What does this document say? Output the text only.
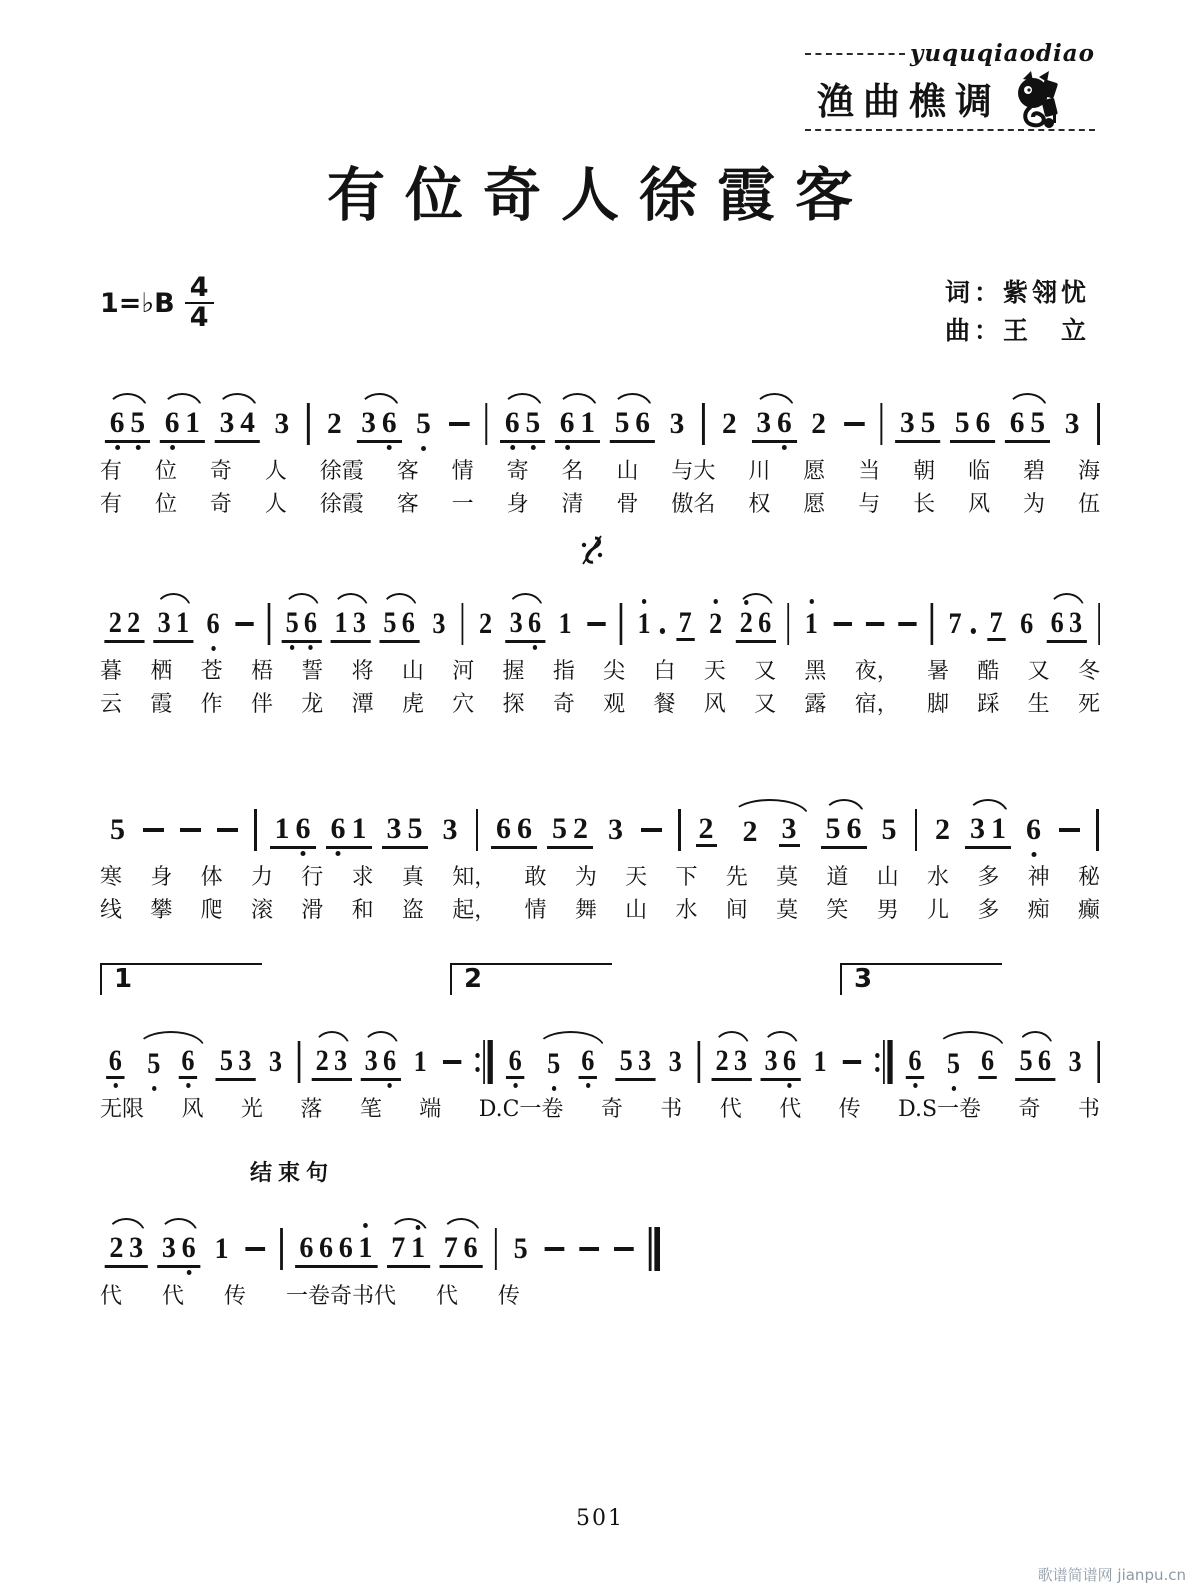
yuquqiaodiao
渔曲樵调
有位奇人徐霞客
1=♭B $\frac{4}{4}$	词：紫翎忧
曲：王　立
6 5 6 1 3 4 3 2 3 6 5 6 5 6 1 5 6 3 2 3 6 2 3 5 5 6 6 5 3
有 位 奇 人 徐霞 客 情 寄 名 山 与大 川 愿 当 朝 临 碧 海
有 位 奇 人 徐霞 客 一 身 清 骨 傲名 权 愿 与 长 风 为 伍
2 2 3 1 6 5 6 1 3 5 6 3 2 3 6 1 1 7 2 2 6 1	7 7 6 6 3
暮 栖 苍 梧 誓 将 山 河 握 指 尖 白 天 又 黑 夜， 暑 酷 又 冬
云 霞 作 伴 龙 潭 虎 穴 探 奇 观 餐 风 又 露 宿， 脚 踩 生 死
5	1 6 6 1 3 5 3 6 6 5 2 3	2 2 3 5 6 5 2 3 1 6
寒 身 体 力 行 求 真 知， 敢 为 天 下 先 莫 道 山 水 多 神 秘
线 攀 爬 滚 滑 和 盗 起， 情 舞 山 水 间 莫 笑 男 儿 多 痴 癫
6 5 6 5 3 3 2 3 3 6 1	6 5 6 5 3 3 2 3 3 6 1	6 5 6 5 6 3
无限 风 光 落 笔 端 D.C一卷 奇 书 代 代 传 D.S一卷 奇 书
1	2	3
2 3 3 6 1 6 6 6 1 7 1 7 6 5
代 代 传 一卷奇书代 代 传
结束句
501
歌谱简谱网 jianpu.cn
